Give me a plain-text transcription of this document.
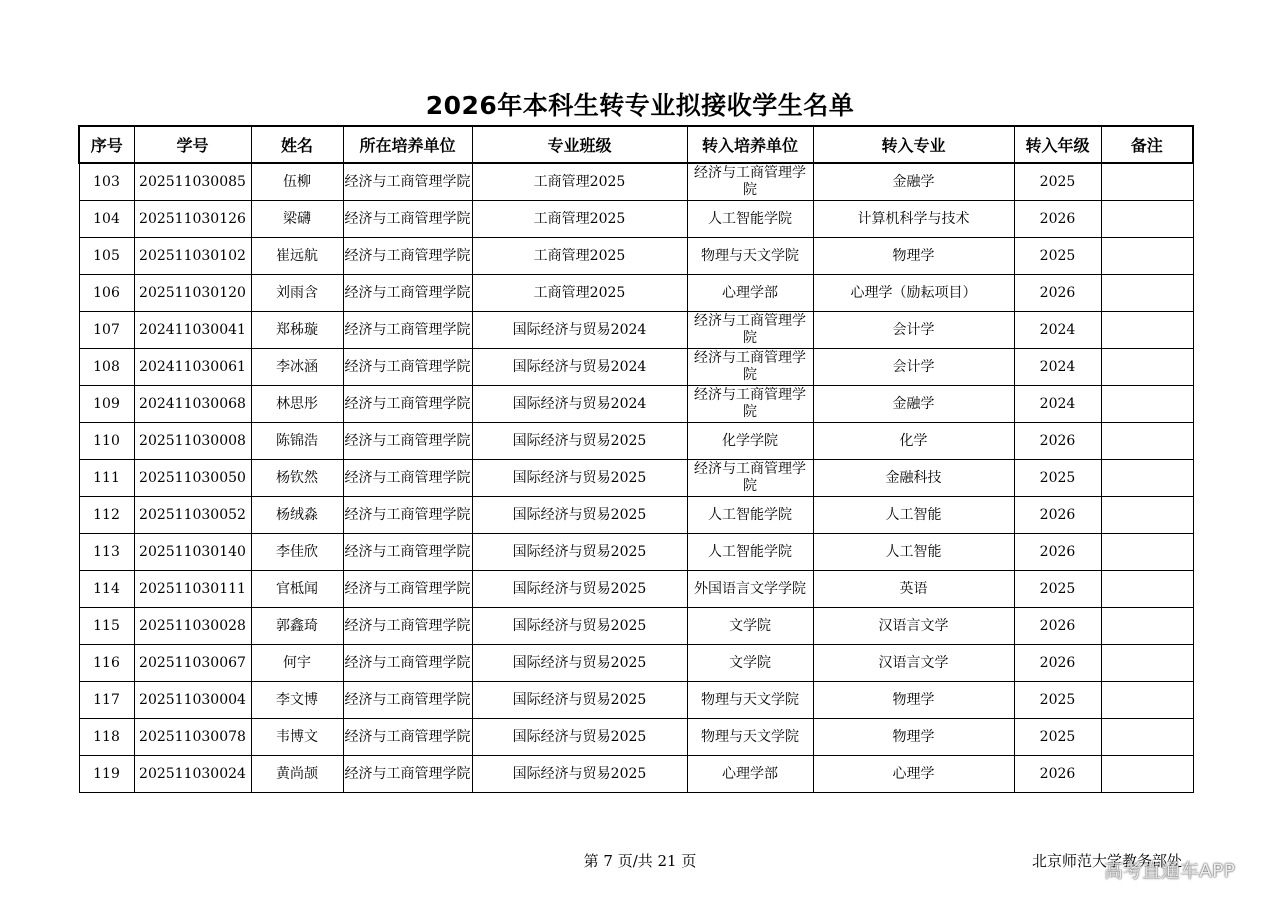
2026年本科生转专业拟接收学生名单
序号	学号	姓名	所在培养单位	专业班级	转入培养单位	转入专业	转入年级	备注
103	202511030085	伍柳	经济与工商管理学院	工商管理2025	经济与工商管理学院	金融学	2025	
104	202511030126	梁礴	经济与工商管理学院	工商管理2025	人工智能学院	计算机科学与技术	2026	
105	202511030102	崔远航	经济与工商管理学院	工商管理2025	物理与天文学院	物理学	2025	
106	202511030120	刘雨含	经济与工商管理学院	工商管理2025	心理学部	心理学（励耘项目）	2026	
107	202411030041	郑秭璇	经济与工商管理学院	国际经济与贸易2024	经济与工商管理学院	会计学	2024	
108	202411030061	李冰涵	经济与工商管理学院	国际经济与贸易2024	经济与工商管理学院	会计学	2024	
109	202411030068	林思彤	经济与工商管理学院	国际经济与贸易2024	经济与工商管理学院	金融学	2024	
110	202511030008	陈锦浩	经济与工商管理学院	国际经济与贸易2025	化学学院	化学	2026	
111	202511030050	杨钦然	经济与工商管理学院	国际经济与贸易2025	经济与工商管理学院	金融科技	2025	
112	202511030052	杨绒淼	经济与工商管理学院	国际经济与贸易2025	人工智能学院	人工智能	2026	
113	202511030140	李佳欣	经济与工商管理学院	国际经济与贸易2025	人工智能学院	人工智能	2026	
114	202511030111	官柢闻	经济与工商管理学院	国际经济与贸易2025	外国语言文学学院	英语	2025	
115	202511030028	郭鑫琦	经济与工商管理学院	国际经济与贸易2025	文学院	汉语言文学	2026	
116	202511030067	何宇	经济与工商管理学院	国际经济与贸易2025	文学院	汉语言文学	2026	
117	202511030004	李文博	经济与工商管理学院	国际经济与贸易2025	物理与天文学院	物理学	2025	
118	202511030078	韦博文	经济与工商管理学院	国际经济与贸易2025	物理与天文学院	物理学	2025	
119	202511030024	黄尚颉	经济与工商管理学院	国际经济与贸易2025	心理学部	心理学	2026	
第 7 页/共 21 页	北京师范大学教务部处
高考直通车APP
